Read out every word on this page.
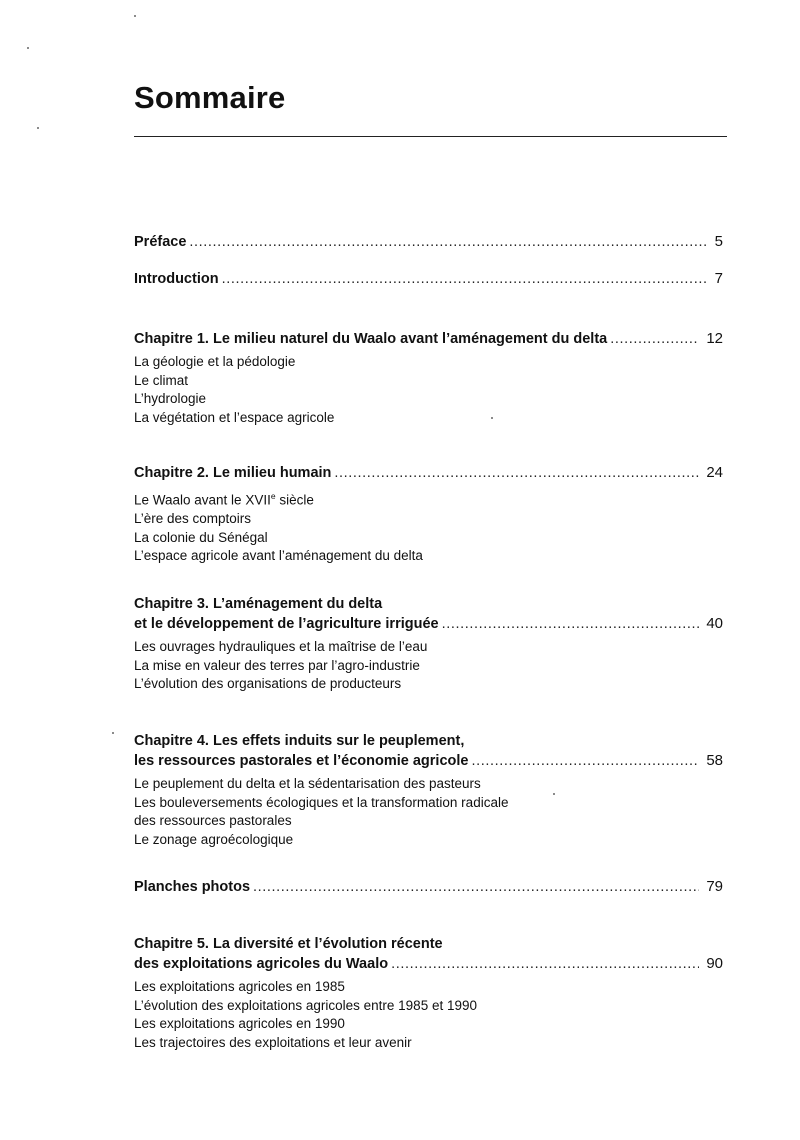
Sommaire
Préface .....	5
Introduction .....	7
Chapitre 1. Le milieu naturel du Waalo avant l’aménagement du delta .....	12
La géologie et la pédologie
Le climat
L’hydrologie
La végétation et l’espace agricole
Chapitre 2. Le milieu humain .....	24
Le Waalo avant le XVIIe siècle
L’ère des comptoirs
La colonie du Sénégal
L’espace agricole avant l’aménagement du delta
Chapitre 3. L’aménagement du delta
et le développement de l’agriculture irriguée .....	40
Les ouvrages hydrauliques et la maîtrise de l’eau
La mise en valeur des terres par l’agro-industrie
L’évolution des organisations de producteurs
Chapitre 4. Les effets induits sur le peuplement,
les ressources pastorales et l’économie agricole .....	58
Le peuplement du delta et la sédentarisation des pasteurs
Les bouleversements écologiques et la transformation radicale
des ressources pastorales
Le zonage agroécologique
Planches photos .....	79
Chapitre 5. La diversité et l’évolution récente
des exploitations agricoles du Waalo .....	90
Les exploitations agricoles en 1985
L’évolution des exploitations agricoles entre 1985 et 1990
Les exploitations agricoles en 1990
Les trajectoires des exploitations et leur avenir
